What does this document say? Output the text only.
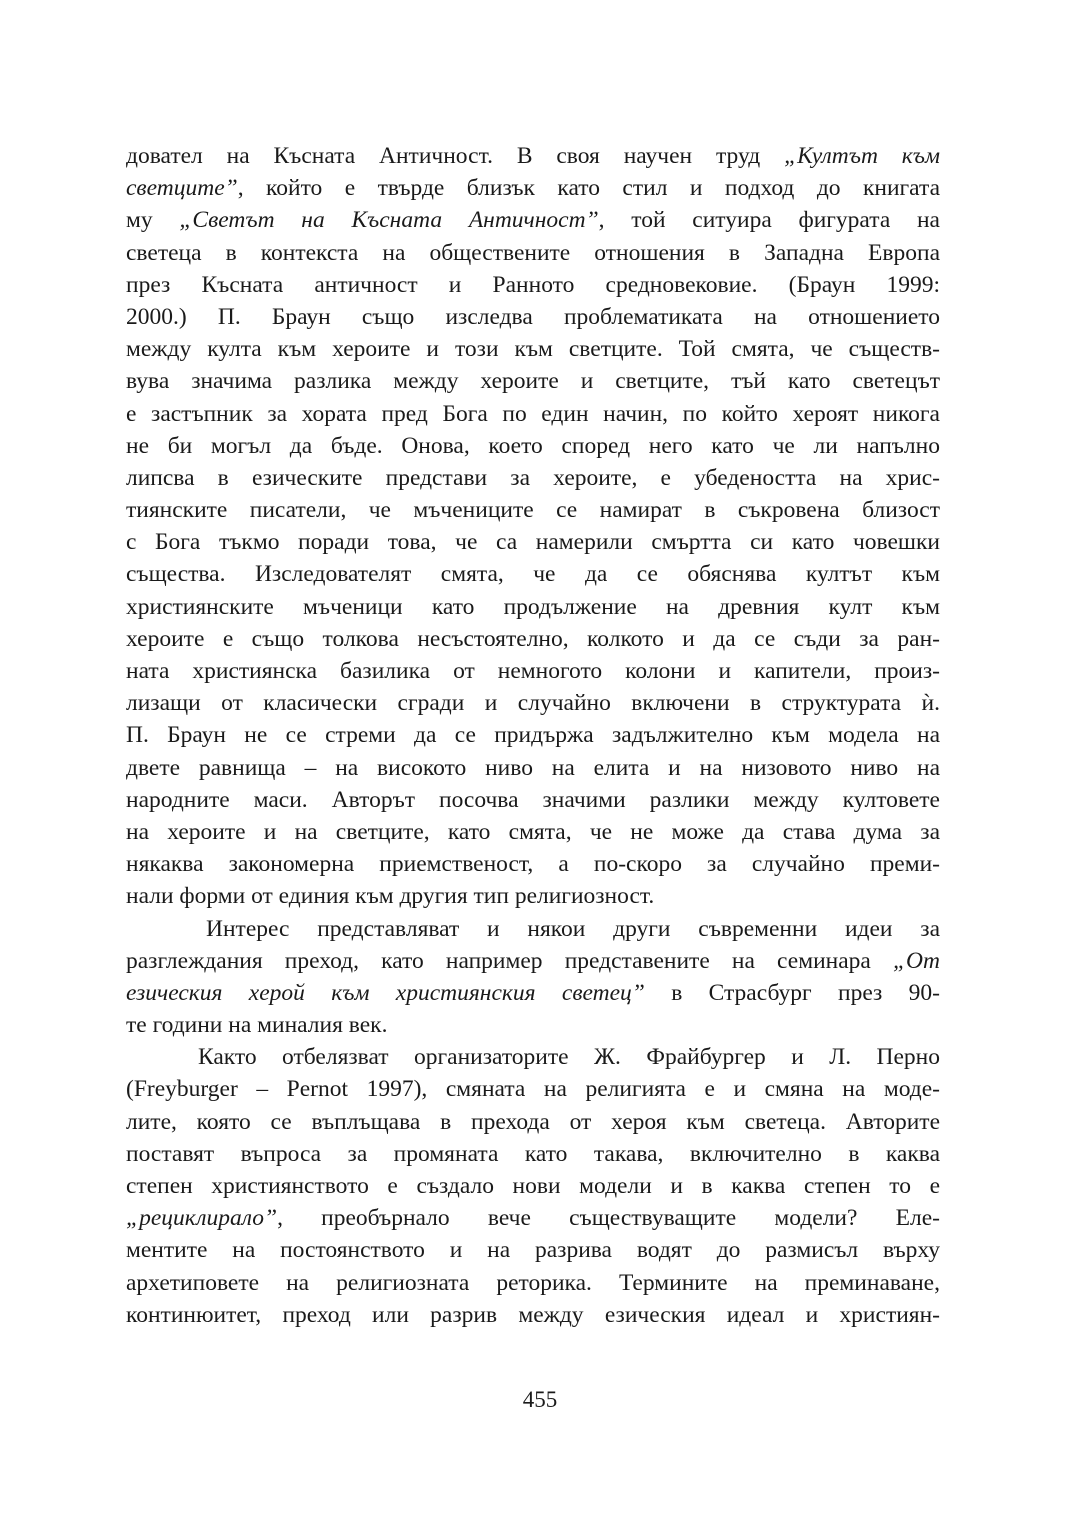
довател на Късната Античност. В своя научен труд „Култът към
светците”, който е твърде близък като стил и подход до книгата
му „Светът на Късната Античност”, той ситуира фигурата на
светеца в контекста на обществените отношения в Западна Европа
през Късната античност и Ранното средновековие. (Браун 1999:
2000.) П. Браун също изследва проблематиката на отношението
между култа към хероите и този към светците. Той смята, че съществ-
вува значима разлика между хероите и светците, тъй като светецът
е застъпник за хората пред Бога по един начин, по който хероят никога
не би могъл да бъде. Онова, което според него като че ли напълно
липсва в езическите представи за хероите, е убедеността на хрис-
тиянските писатели, че мъчениците се намират в съкровена близост
с Бога тъкмо поради това, че са намерили смъртта си като човешки
същества. Изследователят смята, че да се обяснява култът към
християнските мъченици като продължение на древния култ към
хероите е също толкова несъстоятелно, колкото и да се съди за ран-
ната християнска базилика от немногото колони и капители, произ-
лизащи от класически сгради и случайно включени в структурата ѝ.
П. Браун не се стреми да се придържа задължително към модела на
двете равнища – на високото ниво на елита и на низовото ниво на
народните маси. Авторът посочва значими разлики между култовете
на хероите и на светците, като смята, че не може да става дума за
някаква закономерна приемственост, а по-скоро за случайно преми-
нали форми от единия към другия тип религиозност.
Интерес представляват и някои други съвременни идеи за
разглеждания преход, като например представените на семинара „От
езическия херой към християнския светец” в Страсбург през 90-
те години на миналия век.
Както отбелязват организаторите Ж. Фрайбургер и Л. Перно
(Freyburger – Pernot 1997), смяната на религията е и смяна на моде-
лите, която се въплъщава в прехода от хероя към светеца. Авторите
поставят въпроса за промяната като такава, включително в каква
степен християнството е създало нови модели и в каква степен то е
„рециклирало”, преобърнало вече съществуващите модели? Еле-
ментите на постоянството и на разрива водят до размисъл върху
архетиповете на религиозната реторика. Термините на преминаване,
континюитет, преход или разрив между езическия идеал и християн-
455
